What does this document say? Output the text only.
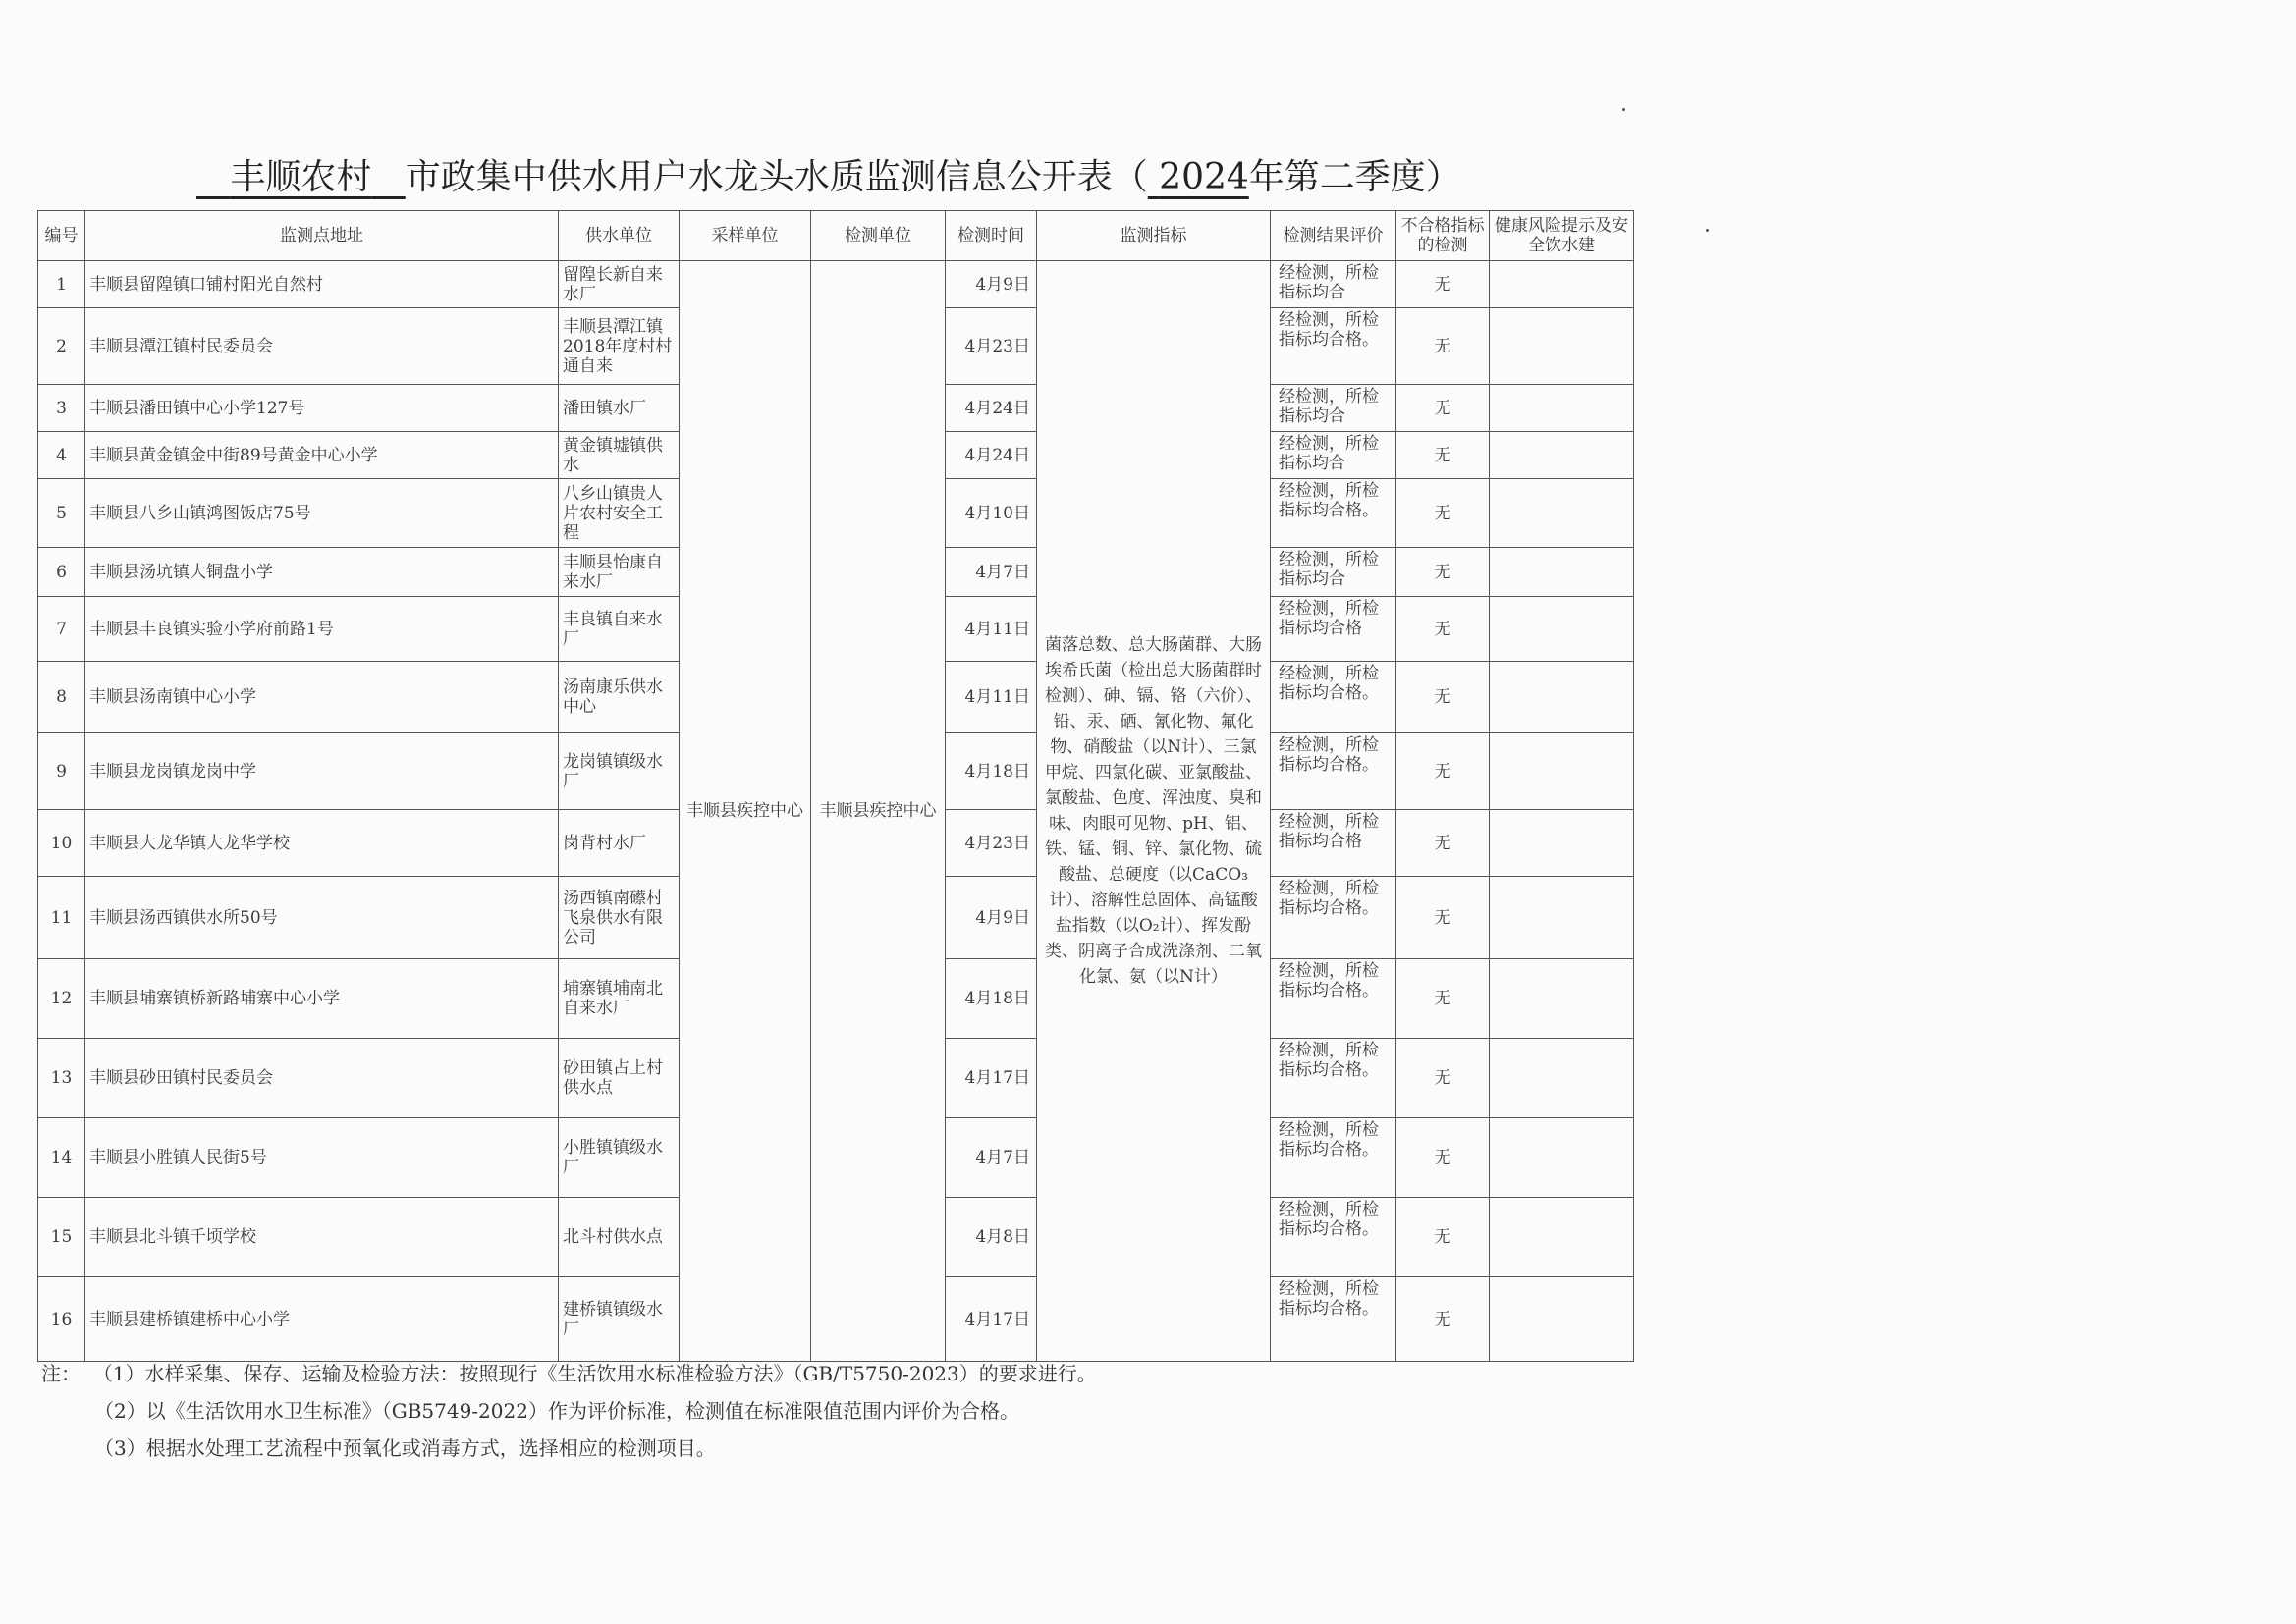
丰顺农村 市政集中供水用户水龙头水质监测信息公开表（ 2024年第二季度）
编号	监测点地址	供水单位	采样单位	检测单位	检测时间	监测指标	检测结果评价	不合格指标的检测	健康风险提示及安全饮水建
1	丰顺县留隍镇口铺村阳光自然村	留隍长新自来水厂	丰顺县疾控中心	丰顺县疾控中心	4月9日	菌落总数、总大肠菌群、大肠埃希氏菌（检出总大肠菌群时检测）、砷、镉、铬（六价）、铅、汞、硒、氰化物、氟化物、硝酸盐（以N计）、三氯甲烷、四氯化碳、亚氯酸盐、氯酸盐、色度、浑浊度、臭和味、肉眼可见物、pH、铝、铁、锰、铜、锌、氯化物、硫酸盐、总硬度（以CaCO₃计）、溶解性总固体、高锰酸盐指数（以O₂计）、挥发酚类、阴离子合成洗涤剂、二氧化氯、氨（以N计）	经检测，所检指标均合	无	
2	丰顺县潭江镇村民委员会	丰顺县潭江镇2018年度村村通自来			4月23日		经检测，所检指标均合格。	无	
3	丰顺县潘田镇中心小学127号	潘田镇水厂			4月24日		经检测，所检指标均合	无	
4	丰顺县黄金镇金中街89号黄金中心小学	黄金镇墟镇供水			4月24日		经检测，所检指标均合	无	
5	丰顺县八乡山镇鸿图饭店75号	八乡山镇贵人片农村安全工程			4月10日		经检测，所检指标均合格。	无	
6	丰顺县汤坑镇大铜盘小学	丰顺县怡康自来水厂			4月7日		经检测，所检指标均合	无	
7	丰顺县丰良镇实验小学府前路1号	丰良镇自来水厂			4月11日		经检测，所检指标均合格	无	
8	丰顺县汤南镇中心小学	汤南康乐供水中心			4月11日		经检测，所检指标均合格。	无	
9	丰顺县龙岗镇龙岗中学	龙岗镇镇级水厂			4月18日		经检测，所检指标均合格。	无	
10	丰顺县大龙华镇大龙华学校	岗背村水厂			4月23日		经检测，所检指标均合格	无	
11	丰顺县汤西镇供水所50号	汤西镇南礤村飞泉供水有限公司			4月9日		经检测，所检指标均合格。	无	
12	丰顺县埔寨镇桥新路埔寨中心小学	埔寨镇埔南北自来水厂			4月18日		经检测，所检指标均合格。	无	
13	丰顺县砂田镇村民委员会	砂田镇占上村供水点			4月17日		经检测，所检指标均合格。	无	
14	丰顺县小胜镇人民街5号	小胜镇镇级水厂			4月7日		经检测，所检指标均合格。	无	
15	丰顺县北斗镇千顷学校	北斗村供水点			4月8日		经检测，所检指标均合格。	无	
16	丰顺县建桥镇建桥中心小学	建桥镇镇级水厂			4月17日		经检测，所检指标均合格。	无	
注： （1）水样采集、保存、运输及检验方法：按照现行《生活饮用水标准检验方法》（GB/T5750-2023）的要求进行。
（2）以《生活饮用水卫生标准》（GB5749-2022）作为评价标准，检测值在标准限值范围内评价为合格。
（3）根据水处理工艺流程中预氧化或消毒方式，选择相应的检测项目。
